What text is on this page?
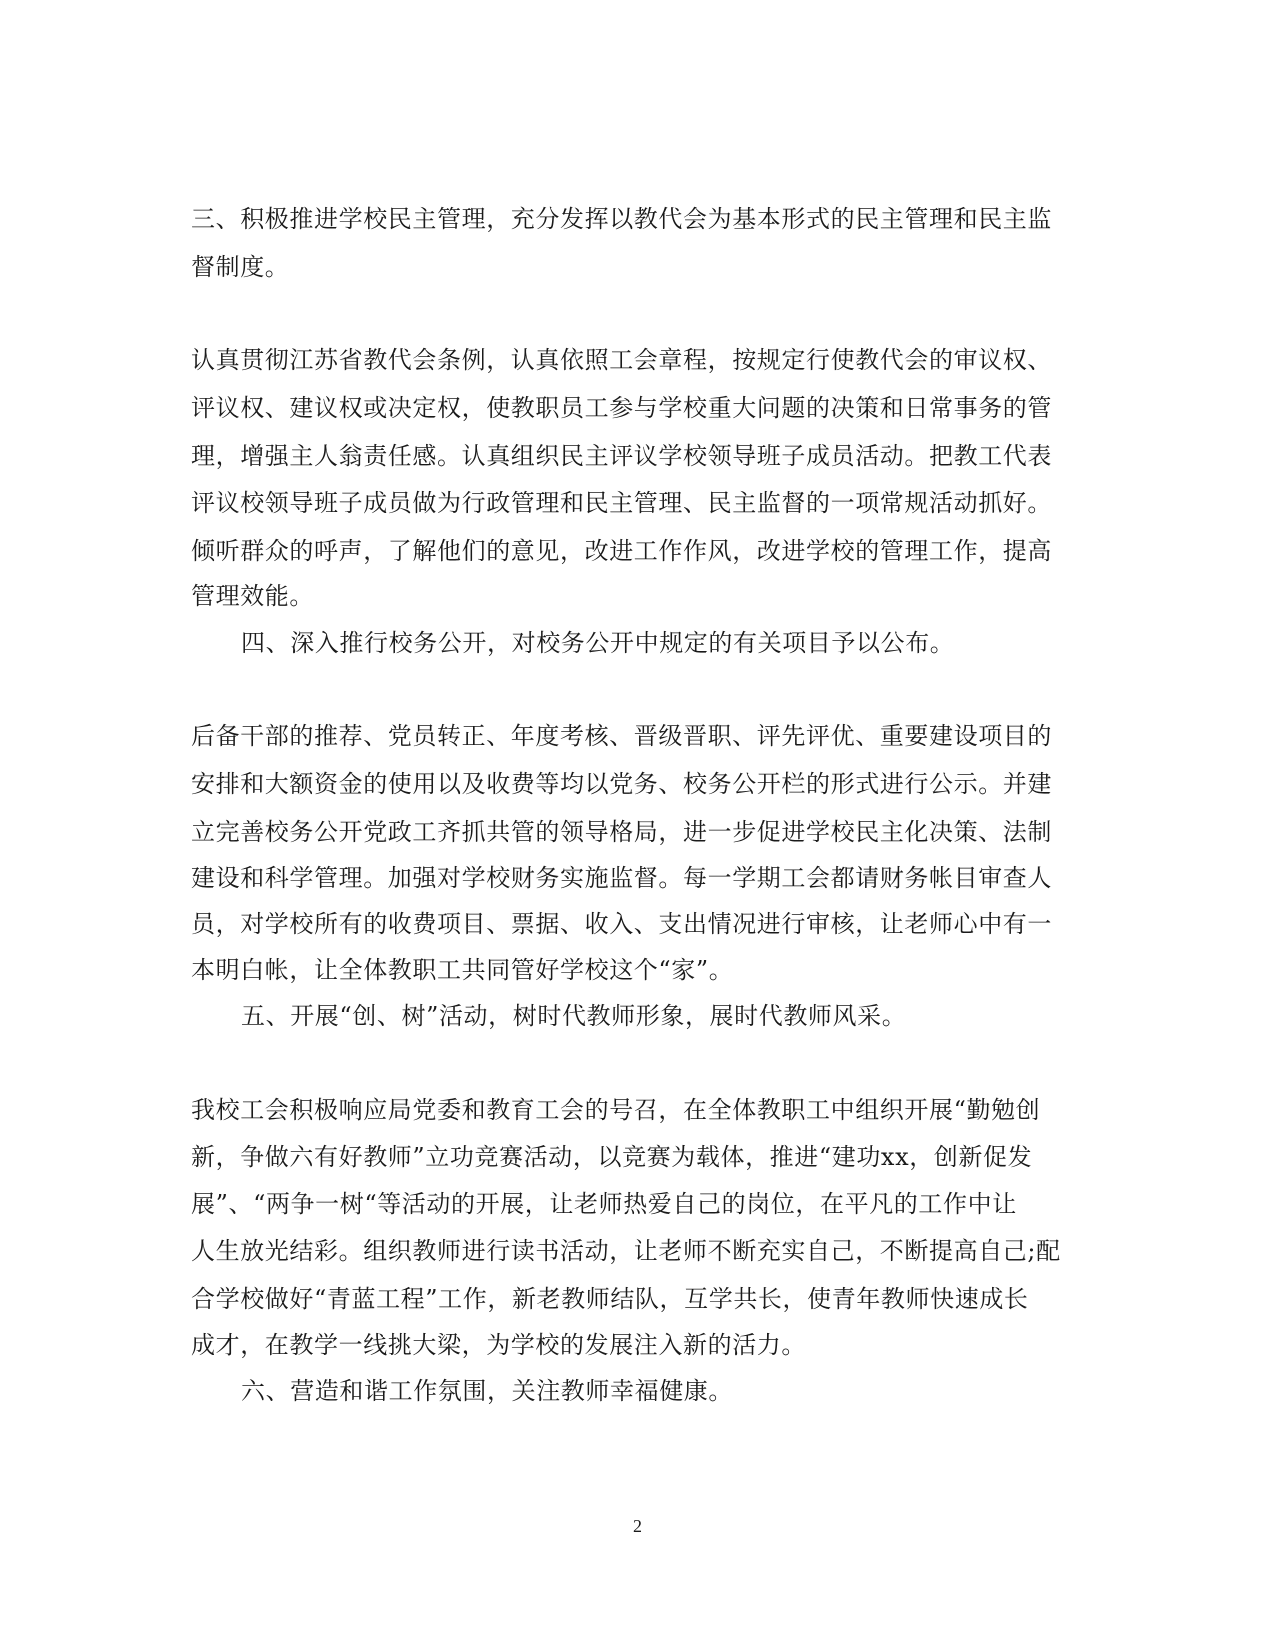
三、积极推进学校民主管理，充分发挥以教代会为基本形式的民主管理和民主监
督制度。
认真贯彻江苏省教代会条例，认真依照工会章程，按规定行使教代会的审议权、
评议权、建议权或决定权，使教职员工参与学校重大问题的决策和日常事务的管
理，增强主人翁责任感。认真组织民主评议学校领导班子成员活动。把教工代表
评议校领导班子成员做为行政管理和民主管理、民主监督的一项常规活动抓好。
倾听群众的呼声，了解他们的意见，改进工作作风，改进学校的管理工作，提高
管理效能。
四、深入推行校务公开，对校务公开中规定的有关项目予以公布。
后备干部的推荐、党员转正、年度考核、晋级晋职、评先评优、重要建设项目的
安排和大额资金的使用以及收费等均以党务、校务公开栏的形式进行公示。并建
立完善校务公开党政工齐抓共管的领导格局，进一步促进学校民主化决策、法制
建设和科学管理。加强对学校财务实施监督。每一学期工会都请财务帐目审查人
员，对学校所有的收费项目、票据、收入、支出情况进行审核，让老师心中有一
本明白帐，让全体教职工共同管好学校这个“家”。
五、开展“创、树”活动，树时代教师形象，展时代教师风采。
我校工会积极响应局党委和教育工会的号召，在全体教职工中组织开展“勤勉创
新，争做六有好教师”立功竞赛活动，以竞赛为载体，推进“建功xx，创新促发
展”、“两争一树“等活动的开展，让老师热爱自己的岗位，在平凡的工作中让
人生放光结彩。组织教师进行读书活动，让老师不断充实自己，不断提高自己;配
合学校做好“青蓝工程”工作，新老教师结队，互学共长，使青年教师快速成长
成才，在教学一线挑大梁，为学校的发展注入新的活力。
六、营造和谐工作氛围，关注教师幸福健康。
2
